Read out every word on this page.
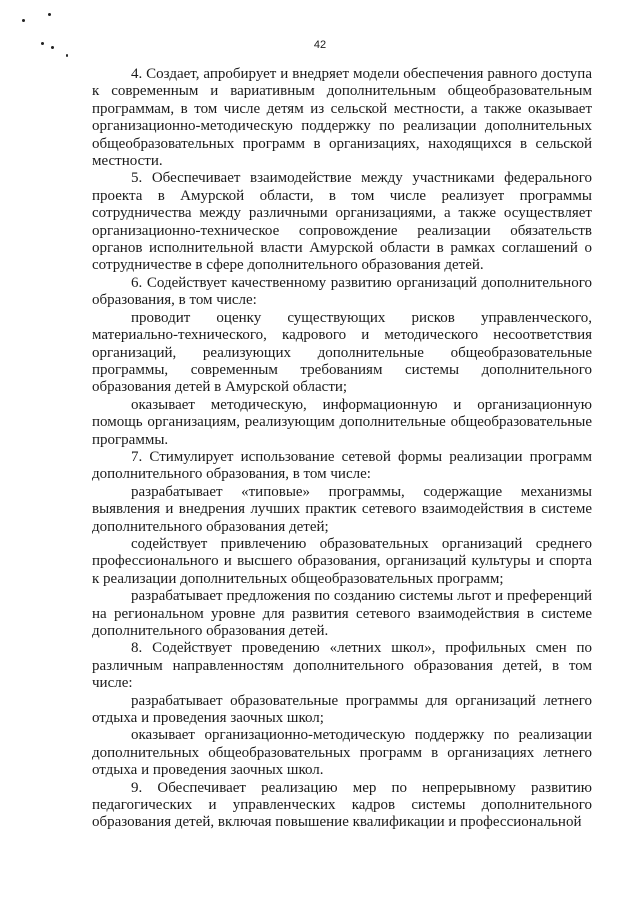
42

4. Создает, апробирует и внедряет модели обеспечения равного доступа к современным и вариативным дополнительным общеобразовательным программам, в том числе детям из сельской местности, а также оказывает организационно-методическую поддержку по реализации дополнительных общеобразовательных программ в организациях, находящихся в сельской местности.

5. Обеспечивает взаимодействие между участниками федерального проекта в Амурской области, в том числе реализует программы сотрудничества между различными организациями, а также осуществляет организационно-техническое сопровождение реализации обязательств органов исполнительной власти Амурской области в рамках соглашений о сотрудничестве в сфере дополнительного образования детей.

6. Содействует качественному развитию организаций дополнительного образования, в том числе:

проводит оценку существующих рисков управленческого, материально-технического, кадрового и методического несоответствия организаций, реализующих дополнительные общеобразовательные программы, современным требованиям системы дополнительного образования детей в Амурской области;

оказывает методическую, информационную и организационную помощь организациям, реализующим дополнительные общеобразовательные программы.

7. Стимулирует использование сетевой формы реализации программ дополнительного образования, в том числе:

разрабатывает «типовые» программы, содержащие механизмы выявления и внедрения лучших практик сетевого взаимодействия в системе дополнительного образования детей;

содействует привлечению образовательных организаций среднего профессионального и высшего образования, организаций культуры и спорта к реализации дополнительных общеобразовательных программ;

разрабатывает предложения по созданию системы льгот и преференций на региональном уровне для развития сетевого взаимодействия в системе дополнительного образования детей.

8. Содействует проведению «летних школ», профильных смен по различным направленностям дополнительного образования детей, в том числе:

разрабатывает образовательные программы для организаций летнего отдыха и проведения заочных школ;

оказывает организационно-методическую поддержку по реализации дополнительных общеобразовательных программ в организациях летнего отдыха и проведения заочных школ.

9. Обеспечивает реализацию мер по непрерывному развитию педагогических и управленческих кадров системы дополнительного образования детей, включая повышение квалификации и профессиональной
